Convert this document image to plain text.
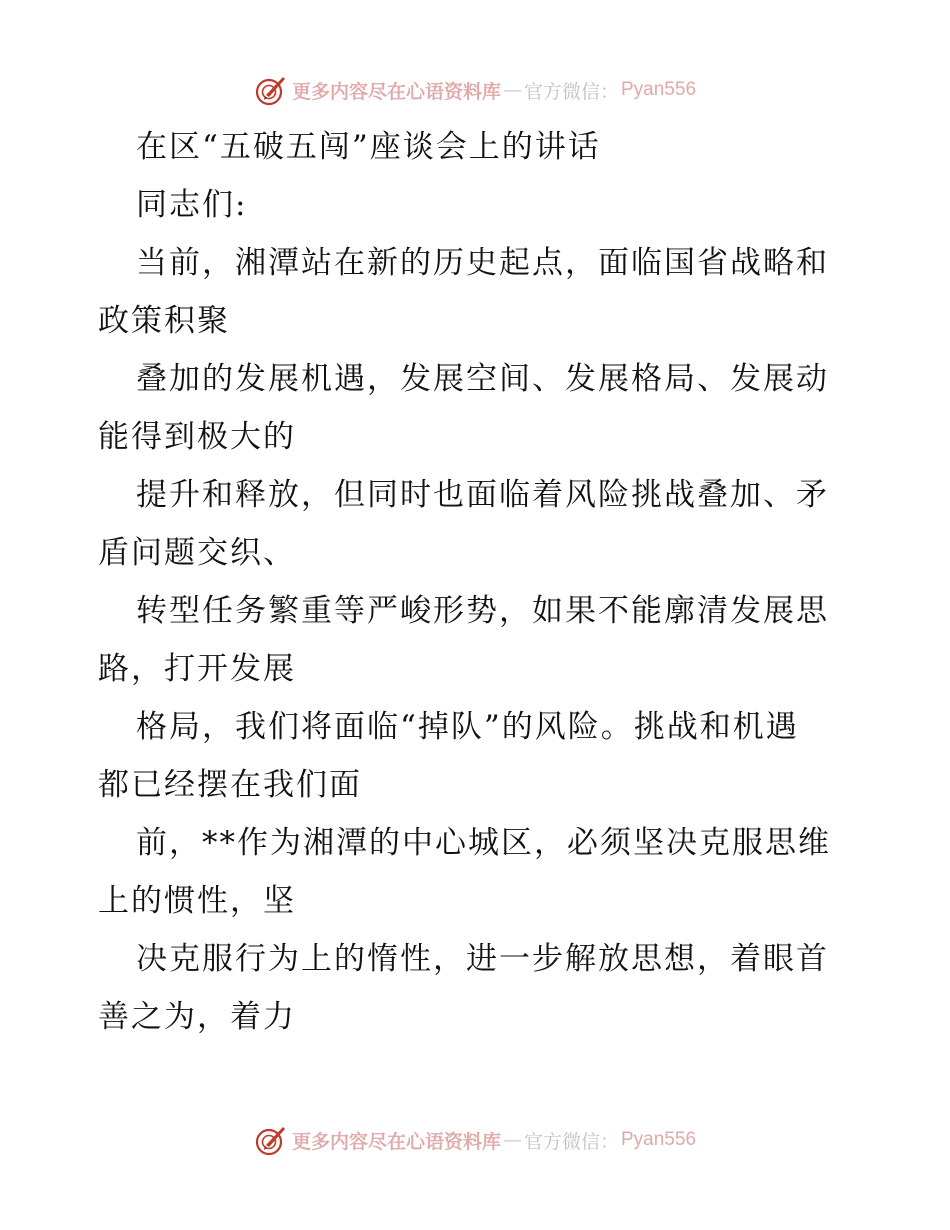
更多内容尽在心语资料库 — 官方微信： Pyan556
在区“五破五闯”座谈会上的讲话
同志们:
当前，湘潭站在新的历史起点，面临国省战略和
政策积聚
叠加的发展机遇，发展空间、发展格局、发展动
能得到极大的
提升和释放，但同时也面临着风险挑战叠加、矛
盾问题交织、
转型任务繁重等严峻形势，如果不能廓清发展思
路，打开发展
格局，我们将面临“掉队”的风险。挑战和机遇
都已经摆在我们面
前，**作为湘潭的中心城区，必须坚决克服思维
上的惯性，坚
决克服行为上的惰性，进一步解放思想，着眼首
善之为，着力
更多内容尽在心语资料库 — 官方微信： Pyan556
